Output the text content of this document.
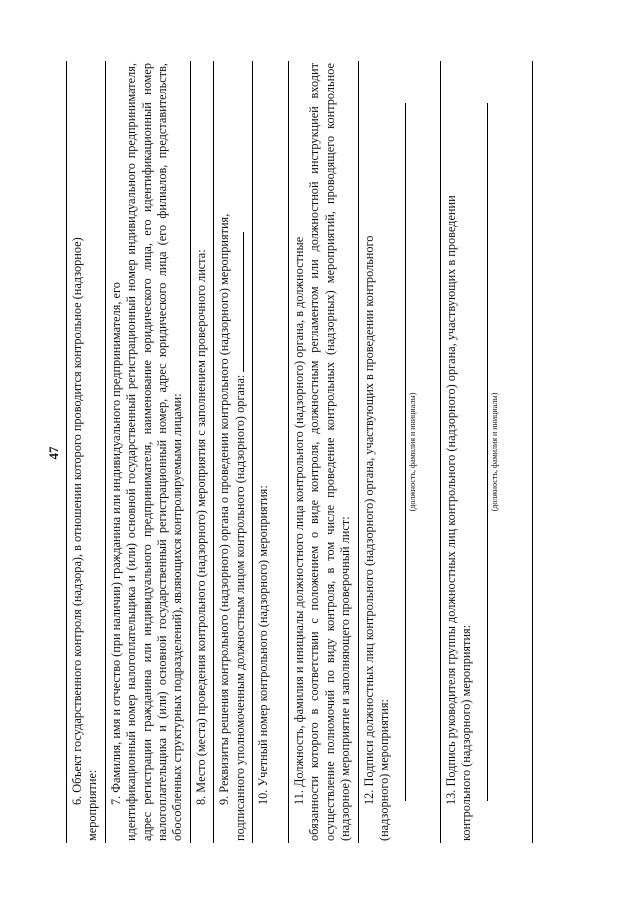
47 6. Объект государственного контроля (надзора), в отношении которого проводится контрольное (надзорное)
мероприятие:

7. Фамилия, имя и отчество (при наличии) гражданина или индивидуального предпринимателя, его идентификационный номер налогоплательщика и (или) основной государственный регистрационный номер индивидуального предпринимателя, адрес регистрации гражданина или индивидуального предпринимателя, наименование юридического лица, его идентификационный номер налогоплательщика и (или) основной государственный регистрационный номер, адрес юридического лица (его филиалов, представительств, обособленных структурных подразделений), являющихся контролируемыми лицами: 8. Место (места) проведения контрольного (надзорного) мероприятия с заполнением проверочного листа: 9. Реквизиты решения контрольного (надзорного) органа о проведении контрольного (надзорного) мероприятия, подписанного уполномоченным должностным лицом контрольного (надзорного) органа: 10. Учетный номер контрольного (надзорного) мероприятия: 11. Должность, фамилия и инициалы должностного лица контрольного (надзорного) органа, в должностные обязанности которого в соответствии с положением о виде контроля, должностным регламентом или должностной инструкцией входит осуществление полномочий по виду контроля, в том числе проведение контрольных (надзорных) мероприятий, проводящего контрольное (надзорное) мероприятие и заполняющего проверочный лист: 12. Подписи должностных лиц контрольного (надзорного) органа, участвующих в проведении контрольного (надзорного) мероприятия:

(должность, фамилия и инициалы) 13. Подпись руководителя группы должностных лиц контрольного (надзорного) органа, участвующих в проведении контрольного (надзорного) мероприятия:

(должность, фамилия и инициалы)
